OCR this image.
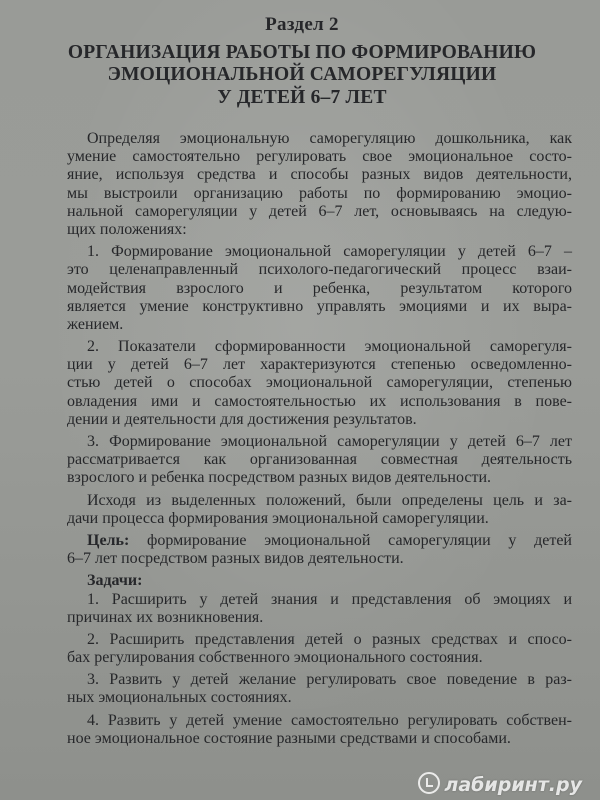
Раздел 2
ОРГАНИЗАЦИЯ РАБОТЫ ПО ФОРМИРОВАНИЮ
ЭМОЦИОНАЛЬНОЙ САМОРЕГУЛЯЦИИ
У ДЕТЕЙ 6–7 ЛЕТ
Определяя эмоциональную саморегуляцию дошкольника, как
умение самостоятельно регулировать свое эмоциональное состо-
яние, используя средства и способы разных видов деятельности,
мы выстроили организацию работы по формированию эмоцио-
нальной саморегуляции у детей 6–7 лет, основываясь на следую-
щих положениях:
1. Формирование эмоциональной саморегуляции у детей 6–7 –
это целенаправленный психолого-педагогический процесс взаи-
модействия взрослого и ребенка, результатом которого
является умение конструктивно управлять эмоциями и их выра-
жением.
2. Показатели сформированности эмоциональной саморегуля-
ции у детей 6–7 лет характеризуются степенью осведомленно-
стью детей о способах эмоциональной саморегуляции, степенью
овладения ими и самостоятельностью их использования в пове-
дении и деятельности для достижения результатов.
3. Формирование эмоциональной саморегуляции у детей 6–7 лет
рассматривается как организованная совместная деятельность
взрослого и ребенка посредством разных видов деятельности.
Исходя из выделенных положений, были определены цель и за-
дачи процесса формирования эмоциональной саморегуляции.
Цель: формирование эмоциональной саморегуляции у детей
6–7 лет посредством разных видов деятельности.
Задачи:
1. Расширить у детей знания и представления об эмоциях и
причинах их возникновения.
2. Расширить представления детей о разных средствах и спосо-
бах регулирования собственного эмоционального состояния.
3. Развить у детей желание регулировать свое поведение в раз-
ных эмоциональных состояниях.
4. Развить у детей умение самостоятельно регулировать собствен-
ное эмоциональное состояние разными средствами и способами.
лабиринт.ру
